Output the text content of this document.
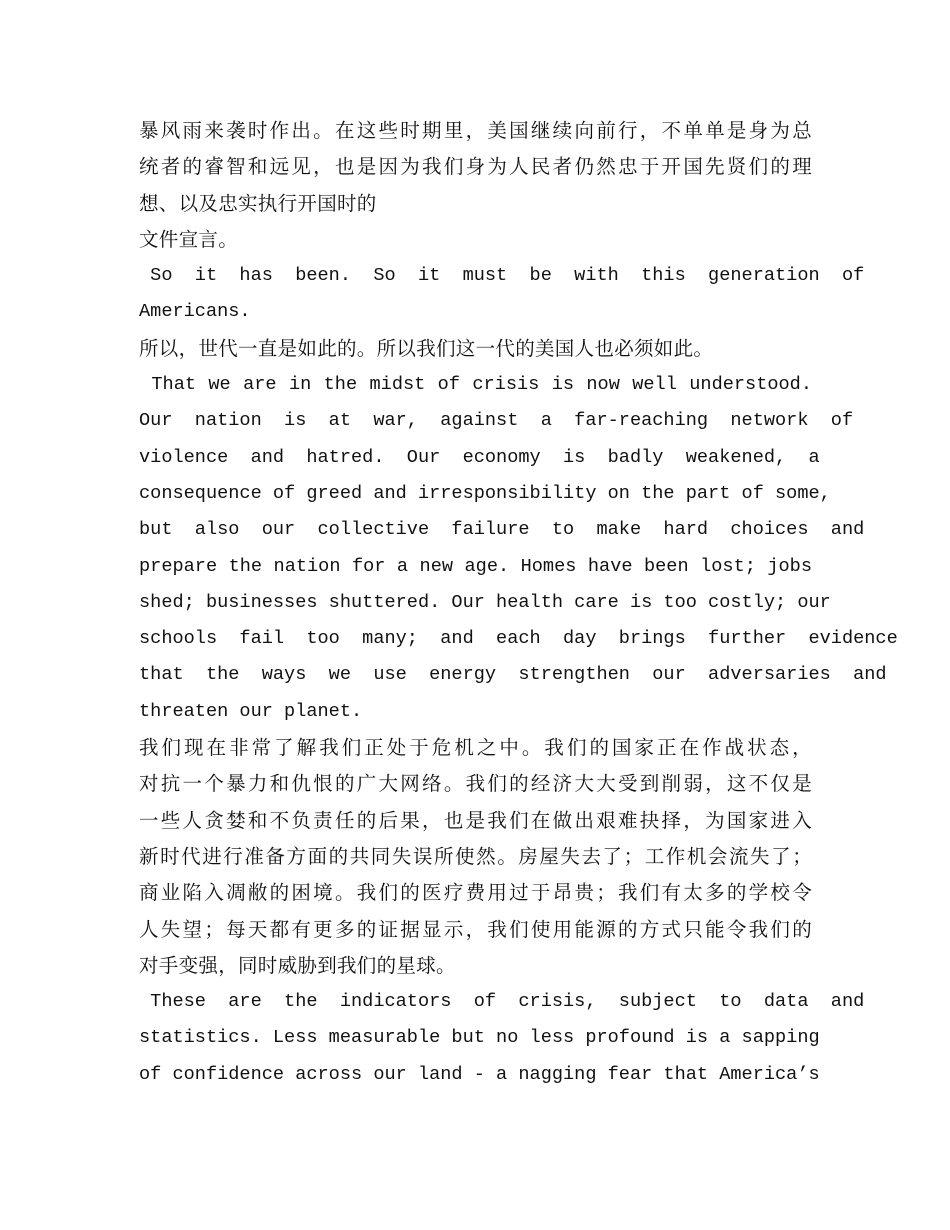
暴风雨来袭时作出。在这些时期里，美国继续向前行，不单单是身为总
统者的睿智和远见，也是因为我们身为人民者仍然忠于开国先贤们的理
想、以及忠实执行开国时的
文件宣言。
So  it  has  been.  So  it  must  be  with  this  generation  of
Americans.
所以，世代一直是如此的。所以我们这一代的美国人也必须如此。
That we are in the midst of crisis is now well understood.
Our  nation  is  at  war,  against  a  far-reaching  network  of
violence  and  hatred.  Our  economy  is  badly  weakened,  a
consequence of greed and irresponsibility on the part of some,
but  also  our  collective  failure  to  make  hard  choices  and
prepare the nation for a new age. Homes have been lost; jobs
shed; businesses shuttered. Our health care is too costly; our
schools  fail  too  many;  and  each  day  brings  further  evidence
that  the  ways  we  use  energy  strengthen  our  adversaries  and
threaten our planet.
我们现在非常了解我们正处于危机之中。我们的国家正在作战状态，
对抗一个暴力和仇恨的广大网络。我们的经济大大受到削弱，这不仅是
一些人贪婪和不负责任的后果，也是我们在做出艰难抉择，为国家进入
新时代进行准备方面的共同失误所使然。房屋失去了；工作机会流失了；
商业陷入凋敝的困境。我们的医疗费用过于昂贵；我们有太多的学校令
人失望；每天都有更多的证据显示，我们使用能源的方式只能令我们的
对手变强，同时威胁到我们的星球。
These  are  the  indicators  of  crisis,  subject  to  data  and
statistics. Less measurable but no less profound is a sapping
of confidence across our land - a nagging fear that America’s
